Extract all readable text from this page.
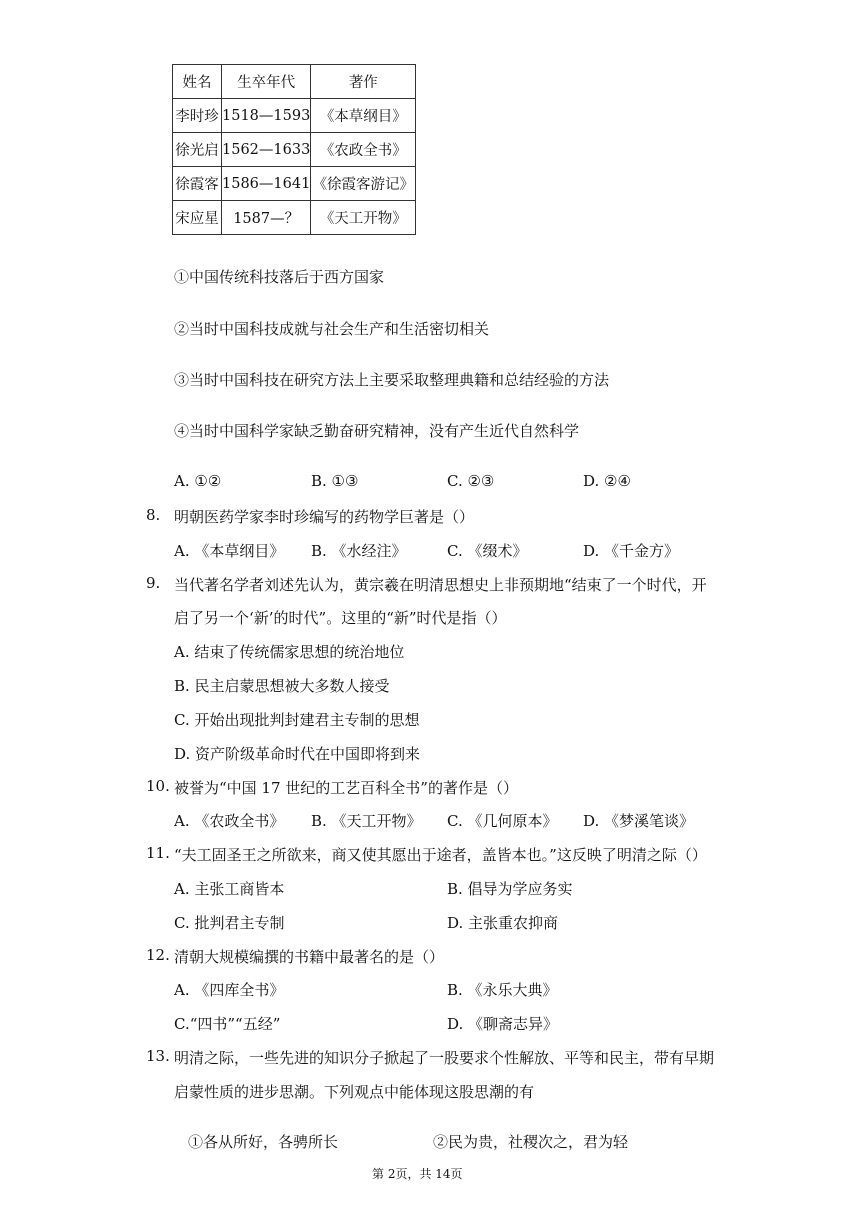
姓名	生卒年代	著作
李时珍	1518—1593	《本草纲目》
徐光启	1562—1633	《农政全书》
徐霞客	1586—1641	《徐霞客游记》
宋应星	1587—？	《天工开物》
①中国传统科技落后于西方国家
②当时中国科技成就与社会生产和生活密切相关
③当时中国科技在研究方法上主要采取整理典籍和总结经验的方法
④当时中国科学家缺乏勤奋研究精神，没有产生近代自然科学
A. ①②	B. ①③	C. ②③	D. ②④
8. 明朝医药学家李时珍编写的药物学巨著是（）
A. 《本草纲目》 B. 《水经注》	C. 《缀术》	D. 《千金方》
9. 当代著名学者刘述先认为，黄宗羲在明清思想史上非预期地“结束了一个时代，开
启了另一个‘新’的时代”。这里的“新”时代是指（）
A. 结束了传统儒家思想的统治地位
B. 民主启蒙思想被大多数人接受
C. 开始出现批判封建君主专制的思想
D. 资产阶级革命时代在中国即将到来
10. 被誉为“中国 17 世纪的工艺百科全书”的著作是（）
A. 《农政全书》 B. 《天工开物》 C. 《几何原本》 D. 《梦溪笔谈》
11. “夫工固圣王之所欲来，商又使其愿出于途者，盖皆本也。”这反映了明清之际（）
A. 主张工商皆本	B. 倡导为学应务实
C. 批判君主专制	D. 主张重农抑商
12. 清朝大规模编撰的书籍中最著名的是（）
A. 《四库全书》	B. 《永乐大典》
C.“四书”“五经”	D. 《聊斋志异》
13. 明清之际，一些先进的知识分子掀起了一股要求个性解放、平等和民主，带有早期
启蒙性质的进步思潮。下列观点中能体现这股思潮的有
①各从所好，各骋所长	②民为贵，社稷次之，君为轻
第 2页，共 14页
